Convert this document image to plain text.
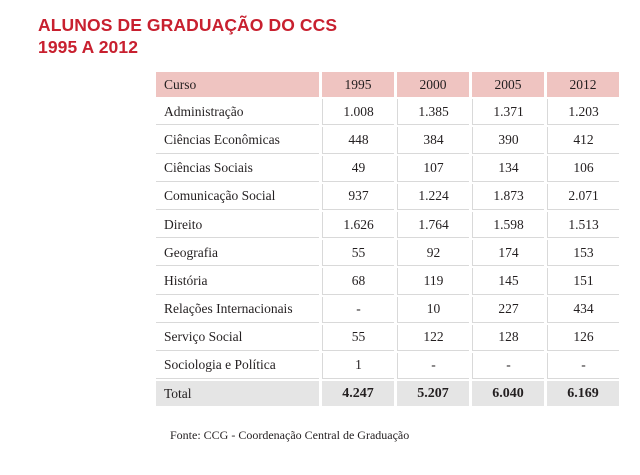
ALUNOS DE GRADUAÇÃO DO CCS
1995 A 2012
Curso	1995	2000	2005	2012
Administração	1.008	1.385	1.371	1.203
Ciências Econômicas	448	384	390	412
Ciências Sociais	49	107	134	106
Comunicação Social	937	1.224	1.873	2.071
Direito	1.626	1.764	1.598	1.513
Geografia	55	92	174	153
História	68	119	145	151
Relações Internacionais	-	10	227	434
Serviço Social	55	122	128	126
Sociologia e Política	1	-	-	-
Total	4.247	5.207	6.040	6.169

Fonte: CCG - Coordenação Central de Graduação
